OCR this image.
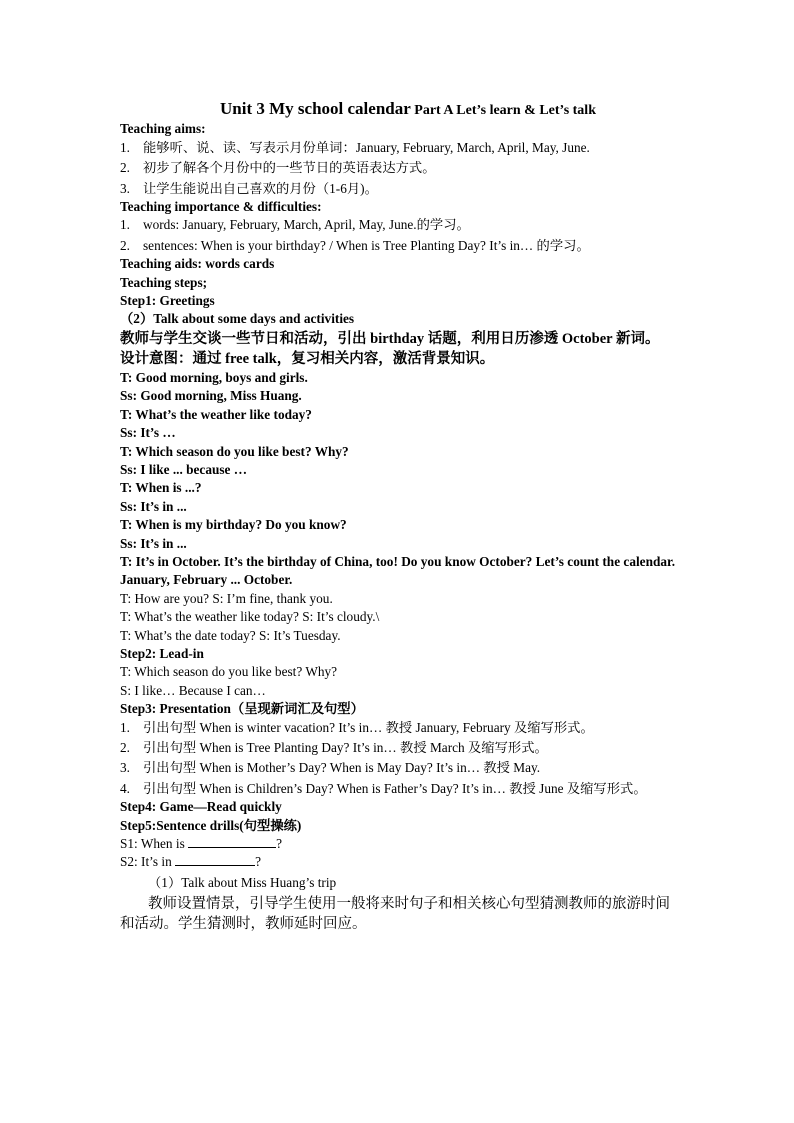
Unit 3 My school calendar Part A Let’s learn & Let’s talk
Teaching aims:
1. 能够听、说、读、写表示月份单词：January, February, March, April, May, June.
2. 初步了解各个月份中的一些节日的英语表达方式。
3. 让学生能说出自己喜欢的月份（1-6月)。
Teaching importance & difficulties:
1. words: January, February, March, April, May, June.的学习。
2. sentences: When is your birthday? / When is Tree Planting Day? It’s in… 的学习。
Teaching aids: words cards
Teaching steps;
Step1: Greetings
（2）Talk about some days and activities
教师与学生交谈一些节日和活动，引出 birthday 话题，利用日历渗透 October 新词。
设计意图：通过 free talk，复习相关内容，激活背景知识。
T: Good morning, boys and girls.
Ss: Good morning, Miss Huang.
T: What’s the weather like today?
Ss: It’s …
T: Which season do you like best? Why?
Ss: I like ... because …
T: When is ...?
Ss: It’s in ...
T: When is my birthday? Do you know?
Ss: It’s in ...
T: It’s in October. It’s the birthday of China, too! Do you know October? Let’s count the calendar. January, February ... October.
T: How are you? S: I’m fine, thank you.
T: What’s the weather like today? S: It’s cloudy.\
T: What’s the date today? S: It’s Tuesday.
Step2: Lead-in
T: Which season do you like best? Why?
S: I like… Because I can…
Step3: Presentation（呈现新词汇及句型）
1. 引出句型 When is winter vacation? It’s in… 教授 January, February 及缩写形式。
2. 引出句型 When is Tree Planting Day? It’s in… 教授 March 及缩写形式。
3. 引出句型 When is Mother’s Day? When is May Day? It’s in… 教授 May.
4. 引出句型 When is Children’s Day? When is Father’s Day? It’s in… 教授 June 及缩写形式。
Step4: Game—Read quickly
Step5:Sentence drills(句型操练)
S1: When is	?
S2: It’s in	?
（1）Talk about Miss Huang’s trip
教师设置情景，引导学生使用一般将来时句子和相关核心句型猜测教师的旅游时间和活动。学生猜测时，教师延时回应。
